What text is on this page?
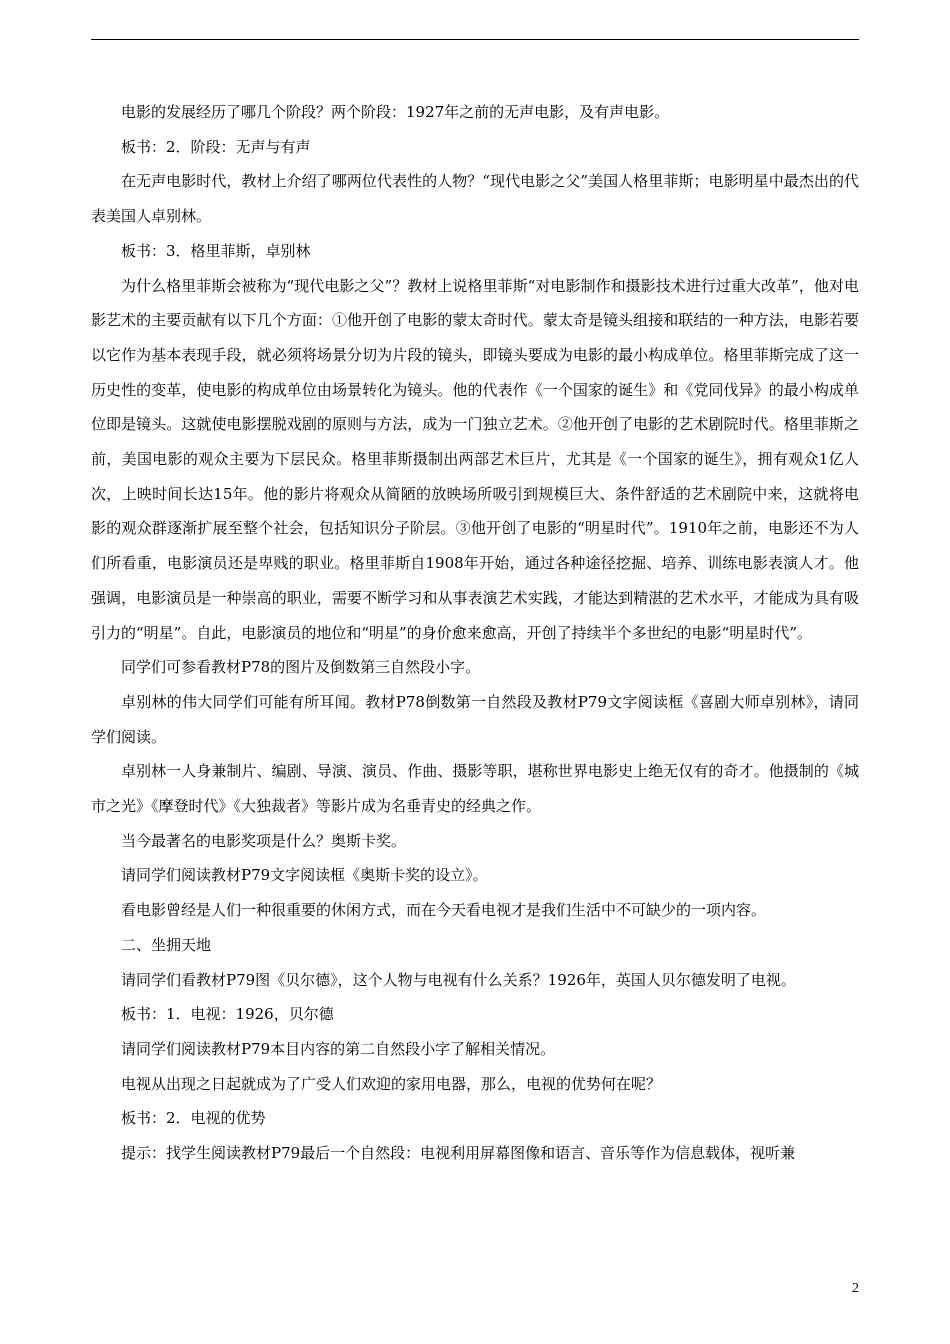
电影的发展经历了哪几个阶段？两个阶段：1927年之前的无声电影，及有声电影。

板书：2．阶段：无声与有声

在无声电影时代，教材上介绍了哪两位代表性的人物？“现代电影之父”美国人格里菲斯；电影明星中最杰出的代表美国人卓别林。

板书：3．格里菲斯，卓别林

为什么格里菲斯会被称为“现代电影之父”？教材上说格里菲斯“对电影制作和摄影技术进行过重大改革”，他对电影艺术的主要贡献有以下几个方面：①他开创了电影的蒙太奇时代。蒙太奇是镜头组接和联结的一种方法，电影若要以它作为基本表现手段，就必须将场景分切为片段的镜头，即镜头要成为电影的最小构成单位。格里菲斯完成了这一历史性的变革，使电影的构成单位由场景转化为镜头。他的代表作《一个国家的诞生》和《党同伐异》的最小构成单位即是镜头。这就使电影摆脱戏剧的原则与方法，成为一门独立艺术。②他开创了电影的艺术剧院时代。格里菲斯之前，美国电影的观众主要为下层民众。格里菲斯摄制出两部艺术巨片，尤其是《一个国家的诞生》，拥有观众1亿人次，上映时间长达15年。他的影片将观众从简陋的放映场所吸引到规模巨大、条件舒适的艺术剧院中来，这就将电影的观众群逐渐扩展至整个社会，包括知识分子阶层。③他开创了电影的“明星时代”。1910年之前，电影还不为人们所看重，电影演员还是卑贱的职业。格里菲斯自1908年开始，通过各种途径挖掘、培养、训练电影表演人才。他强调，电影演员是一种崇高的职业，需要不断学习和从事表演艺术实践，才能达到精湛的艺术水平，才能成为具有吸引力的“明星”。自此，电影演员的地位和“明星”的身价愈来愈高，开创了持续半个多世纪的电影“明星时代”。

同学们可参看教材P78的图片及倒数第三自然段小字。

卓别林的伟大同学们可能有所耳闻。教材P78倒数第一自然段及教材P79文字阅读框《喜剧大师卓别林》，请同学们阅读。

卓别林一人身兼制片、编剧、导演、演员、作曲、摄影等职，堪称世界电影史上绝无仅有的奇才。他摄制的《城市之光》《摩登时代》《大独裁者》等影片成为名垂青史的经典之作。

当今最著名的电影奖项是什么？奥斯卡奖。

请同学们阅读教材P79文字阅读框《奥斯卡奖的设立》。

看电影曾经是人们一种很重要的休闲方式，而在今天看电视才是我们生活中不可缺少的一项内容。

二、坐拥天地

请同学们看教材P79图《贝尔德》，这个人物与电视有什么关系？1926年，英国人贝尔德发明了电视。

板书：1．电视：1926，贝尔德

请同学们阅读教材P79本目内容的第二自然段小字了解相关情况。

电视从出现之日起就成为了广受人们欢迎的家用电器，那么，电视的优势何在呢？

板书：2．电视的优势

提示：找学生阅读教材P79最后一个自然段：电视利用屏幕图像和语言、音乐等作为信息载体，视听兼

2
